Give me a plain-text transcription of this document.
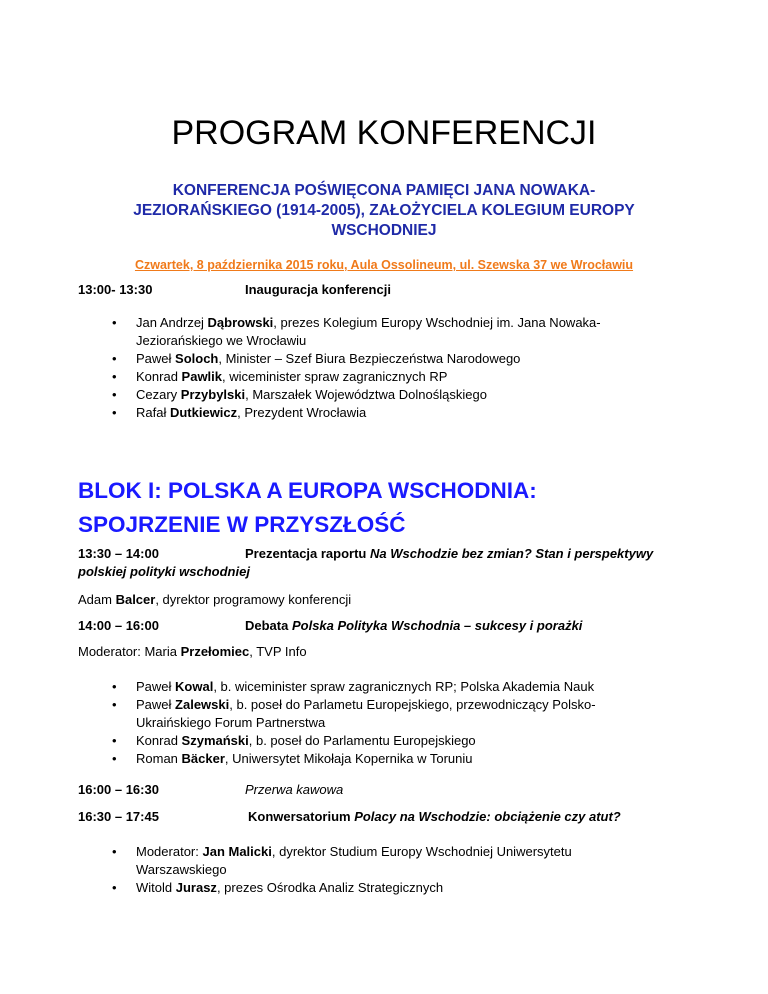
PROGRAM KONFERENCJI
KONFERENCJA POŚWIĘCONA PAMIĘCI JANA NOWAKA-
JEZIORAŃSKIEGO (1914-2005), ZAŁOŻYCIELA KOLEGIUM EUROPY
WSCHODNIEJ
Czwartek, 8 października 2015 roku, Aula Ossolineum, ul. Szewska 37 we Wrocławiu
13:00- 13:30	Inauguracja konferencji
• Jan Andrzej Dąbrowski, prezes Kolegium Europy Wschodniej im. Jana Nowaka-
Jeziorańskiego we Wrocławiu
• Paweł Soloch, Minister – Szef Biura Bezpieczeństwa Narodowego
• Konrad Pawlik, wiceminister spraw zagranicznych RP
• Cezary Przybylski, Marszałek Województwa Dolnośląskiego
• Rafał Dutkiewicz, Prezydent Wrocławia
BLOK I: POLSKA A EUROPA WSCHODNIA:
SPOJRZENIE W PRZYSZŁOŚĆ
13:30 – 14:00	Prezentacja raportu Na Wschodzie bez zmian? Stan i perspektywy
polskiej polityki wschodniej
Adam Balcer, dyrektor programowy konferencji
14:00 – 16:00	Debata Polska Polityka Wschodnia – sukcesy i porażki
Moderator: Maria Przełomiec, TVP Info
• Paweł Kowal, b. wiceminister spraw zagranicznych RP; Polska Akademia Nauk
• Paweł Zalewski, b. poseł do Parlametu Europejskiego, przewodniczący Polsko-
Ukraińskiego Forum Partnerstwa
• Konrad Szymański, b. poseł do Parlamentu Europejskiego
• Roman Bäcker, Uniwersytet Mikołaja Kopernika w Toruniu
16:00 – 16:30	Przerwa kawowa
16:30 – 17:45	Konwersatorium Polacy na Wschodzie: obciążenie czy atut?
• Moderator: Jan Malicki, dyrektor Studium Europy Wschodniej Uniwersytetu
Warszawskiego
• Witold Jurasz, prezes Ośrodka Analiz Strategicznych
